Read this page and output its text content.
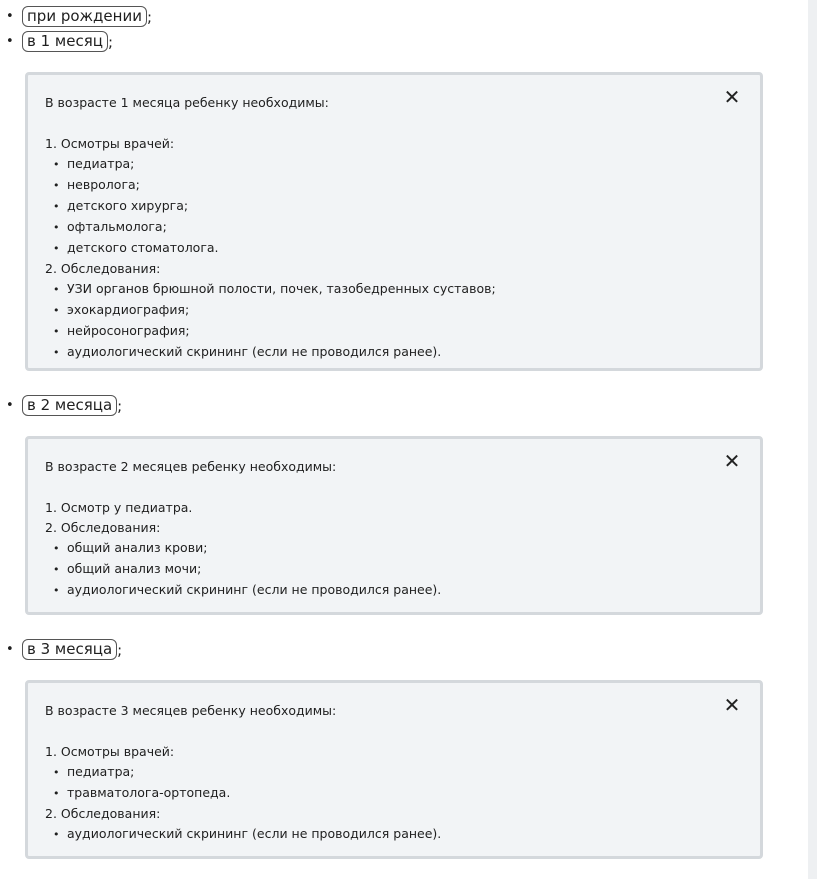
• при рождении ;
• в 1 месяц ;
В возрасте 1 месяца ребенку необходимы:	✕
1. Осмотры врачей:
• педиатра;
• невролога;
• детского хирурга;
• офтальмолога;
• детского стоматолога.
2. Обследования:
• УЗИ органов брюшной полости, почек, тазобедренных суставов;
• эхокардиография;
• нейросонография;
• аудиологический скрининг (если не проводился ранее).
• в 2 месяца ;
В возрасте 2 месяцев ребенку необходимы:	✕
1. Осмотр у педиатра.
2. Обследования:
• общий анализ крови;
• общий анализ мочи;
• аудиологический скрининг (если не проводился ранее).
• в 3 месяца ;
В возрасте 3 месяцев ребенку необходимы:	✕
1. Осмотры врачей:
• педиатра;
• травматолога-ортопеда.
2. Обследования:
• аудиологический скрининг (если не проводился ранее).
